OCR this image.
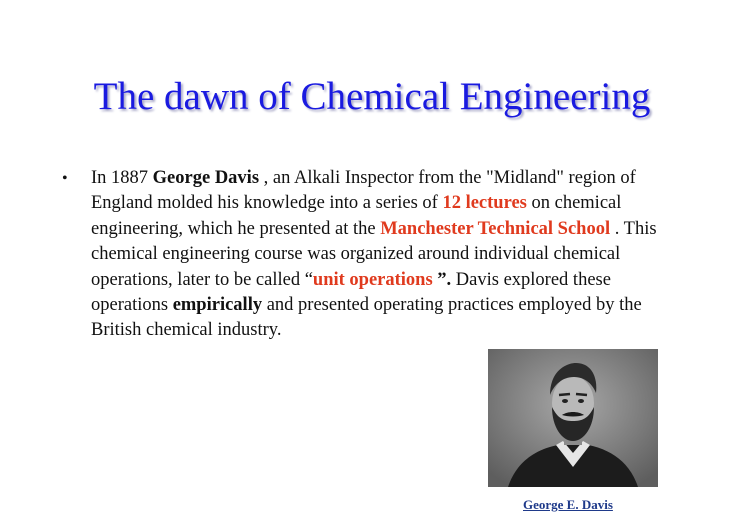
The dawn of Chemical Engineering
• In 1887 George Davis , an Alkali Inspector from the "Midland" region of England molded his knowledge into a series of 12 lectures on chemical engineering, which he presented at the Manchester Technical School . This chemical engineering course was organized around individual chemical operations, later to be called “unit operations ”. Davis explored these operations empirically and presented operating practices employed by the British chemical industry.
George E. Davis
